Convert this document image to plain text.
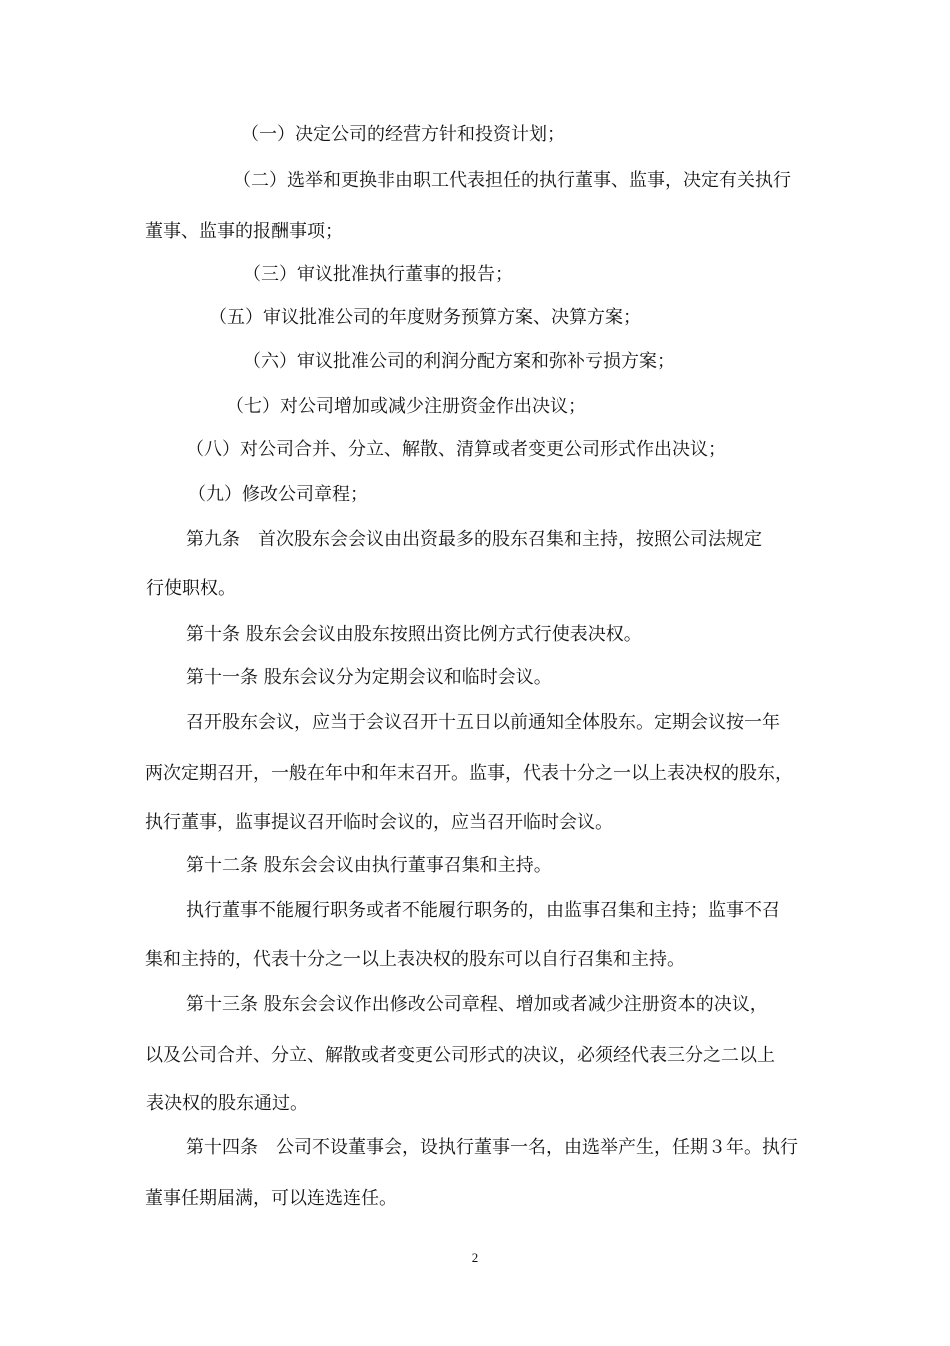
（一）决定公司的经营方针和投资计划；
（二）选举和更换非由职工代表担任的执行董事、监事，决定有关执行
董事、监事的报酬事项；
（三）审议批准执行董事的报告；
（五）审议批准公司的年度财务预算方案、决算方案；
（六）审议批准公司的利润分配方案和弥补亏损方案；
（七）对公司增加或减少注册资金作出决议；
（八）对公司合并、分立、解散、清算或者变更公司形式作出决议；
（九）修改公司章程；
第九条　首次股东会会议由出资最多的股东召集和主持，按照公司法规定
行使职权。
第十条 股东会会议由股东按照出资比例方式行使表决权。
第十一条 股东会议分为定期会议和临时会议。
召开股东会议，应当于会议召开十五日以前通知全体股东。定期会议按一年
两次定期召开，一般在年中和年末召开。监事，代表十分之一以上表决权的股东，
执行董事，监事提议召开临时会议的，应当召开临时会议。
第十二条 股东会会议由执行董事召集和主持。
执行董事不能履行职务或者不能履行职务的，由监事召集和主持；监事不召
集和主持的，代表十分之一以上表决权的股东可以自行召集和主持。
第十三条 股东会会议作出修改公司章程、增加或者减少注册资本的决议，
以及公司合并、分立、解散或者变更公司形式的决议，必须经代表三分之二以上
表决权的股东通过。
第十四条　公司不设董事会，设执行董事一名，由选举产生，任期３年。执行
董事任期届满，可以连选连任。
2
